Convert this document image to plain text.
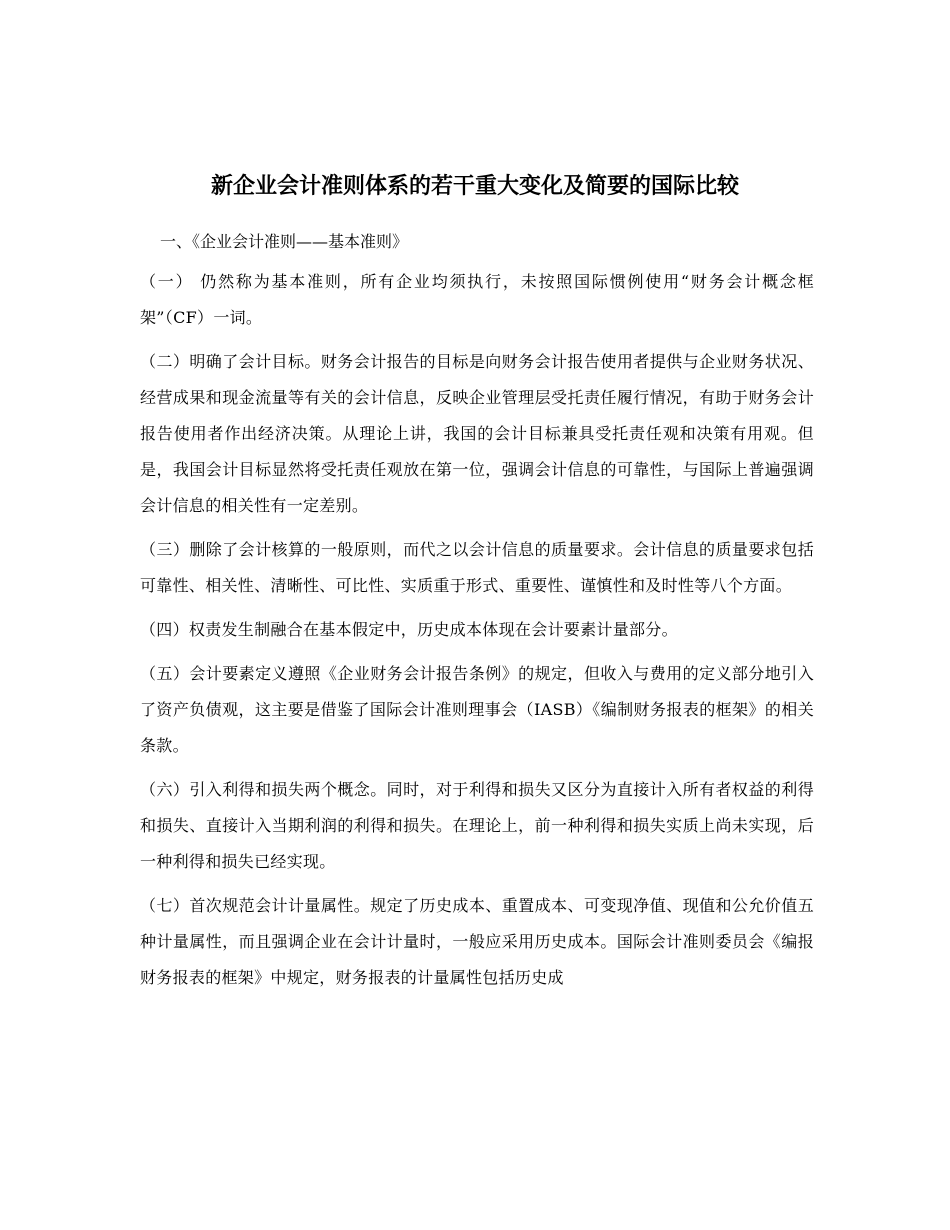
新企业会计准则体系的若干重大变化及简要的国际比较

一、《企业会计准则——基本准则》

（一） 仍然称为基本准则，所有企业均须执行，未按照国际惯例使用“财务会计概念框架”（CF）一词。

（二）明确了会计目标。财务会计报告的目标是向财务会计报告使用者提供与企业财务状况、经营成果和现金流量等有关的会计信息，反映企业管理层受托责任履行情况，有助于财务会计报告使用者作出经济决策。从理论上讲，我国的会计目标兼具受托责任观和决策有用观。但是，我国会计目标显然将受托责任观放在第一位，强调会计信息的可靠性，与国际上普遍强调会计信息的相关性有一定差别。

（三）删除了会计核算的一般原则，而代之以会计信息的质量要求。会计信息的质量要求包括可靠性、相关性、清晰性、可比性、实质重于形式、重要性、谨慎性和及时性等八个方面。

（四）权责发生制融合在基本假定中，历史成本体现在会计要素计量部分。

（五）会计要素定义遵照《企业财务会计报告条例》的规定，但收入与费用的定义部分地引入了资产负债观，这主要是借鉴了国际会计准则理事会（IASB）《编制财务报表的框架》的相关条款。

（六）引入利得和损失两个概念。同时，对于利得和损失又区分为直接计入所有者权益的利得和损失、直接计入当期利润的利得和损失。在理论上，前一种利得和损失实质上尚未实现，后一种利得和损失已经实现。

（七）首次规范会计计量属性。规定了历史成本、重置成本、可变现净值、现值和公允价值五种计量属性，而且强调企业在会计计量时，一般应采用历史成本。国际会计准则委员会《编报财务报表的框架》中规定，财务报表的计量属性包括历史成
